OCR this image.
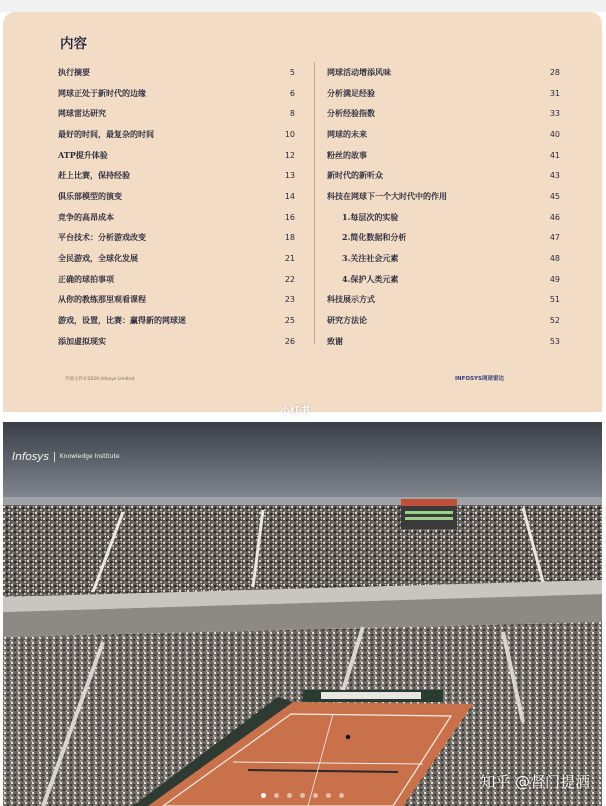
内容
执行摘要	5
网球正处于新时代的边缘	6
网球雷达研究	8
最好的时间，最复杂的时间	10
ATP提升体验	12
赶上比赛，保持经验	13
俱乐部模型的演变	14
竞争的高昂成本	16
平台技术：分析游戏改变	18
全民游戏，全球化发展	21
正确的球拍事项	22
从你的教练那里观看课程	23
游戏，设置，比赛：赢得新的网球迷	25
添加虚拟现实	26
网球活动增添风味	28
分析满足经验	31
分析经验指数	33
网球的未来	40
粉丝的故事	41
新时代的新听众	43
科技在网球下一个大时代中的作用	45
1.每层次的实验	46
2.简化数据和分析	47
3.关注社会元素	48
4.保护人类元素	49
科技展示方式	51
研究方法论	52
致谢	53
外部文件©2020 Infosys Limited	INFOSYS网球雷达
小红书
Infosys Knowledge Institute
知乎 @督门提酒
